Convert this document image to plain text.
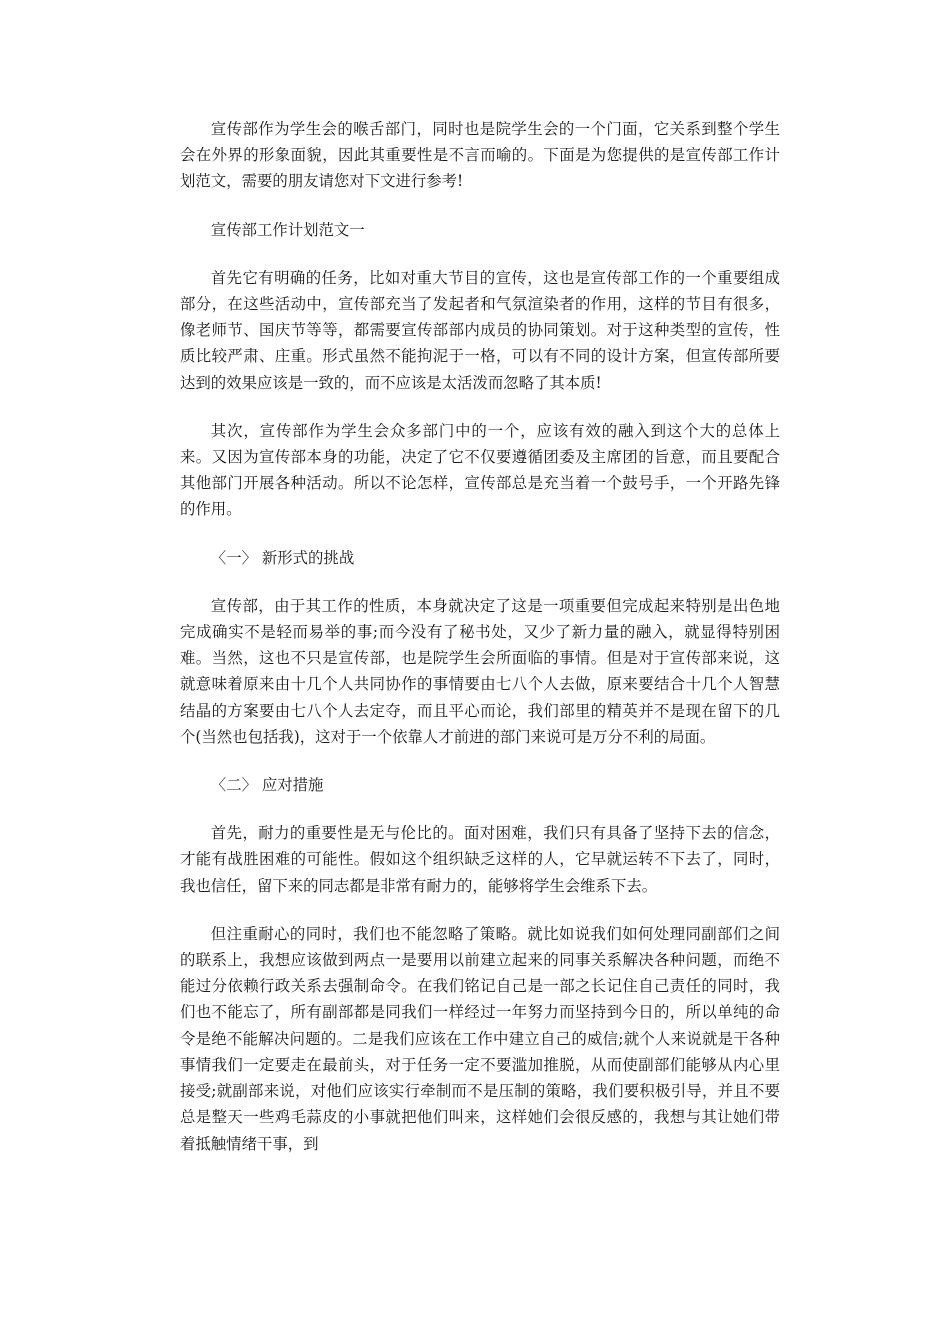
宣传部作为学生会的喉舌部门，同时也是院学生会的一个门面，它关系到整个学生会在外界的形象面貌，因此其重要性是不言而喻的。下面是为您提供的是宣传部工作计划范文，需要的朋友请您对下文进行参考!

宣传部工作计划范文一

首先它有明确的任务，比如对重大节目的宣传，这也是宣传部工作的一个重要组成部分，在这些活动中，宣传部充当了发起者和气氛渲染者的作用，这样的节目有很多，像老师节、国庆节等等，都需要宣传部部内成员的协同策划。对于这种类型的宣传，性质比较严肃、庄重。形式虽然不能拘泥于一格，可以有不同的设计方案，但宣传部所要达到的效果应该是一致的，而不应该是太活泼而忽略了其本质!

其次，宣传部作为学生会众多部门中的一个，应该有效的融入到这个大的总体上来。又因为宣传部本身的功能，决定了它不仅要遵循团委及主席团的旨意，而且要配合其他部门开展各种活动。所以不论怎样，宣传部总是充当着一个鼓号手，一个开路先锋的作用。

〈一〉 新形式的挑战

宣传部，由于其工作的性质，本身就决定了这是一项重要但完成起来特别是出色地完成确实不是轻而易举的事;而今没有了秘书处，又少了新力量的融入，就显得特别困难。当然，这也不只是宣传部，也是院学生会所面临的事情。但是对于宣传部来说，这就意味着原来由十几个人共同协作的事情要由七八个人去做，原来要结合十几个人智慧结晶的方案要由七八个人去定夺，而且平心而论，我们部里的精英并不是现在留下的几个(当然也包括我)，这对于一个依靠人才前进的部门来说可是万分不利的局面。

〈二〉 应对措施

首先，耐力的重要性是无与伦比的。面对困难，我们只有具备了坚持下去的信念，才能有战胜困难的可能性。假如这个组织缺乏这样的人，它早就运转不下去了，同时，我也信任，留下来的同志都是非常有耐力的，能够将学生会维系下去。

但注重耐心的同时，我们也不能忽略了策略。就比如说我们如何处理同副部们之间的联系上，我想应该做到两点一是要用以前建立起来的同事关系解决各种问题，而绝不能过分依赖行政关系去强制命令。在我们铭记自己是一部之长记住自己责任的同时，我们也不能忘了，所有副部都是同我们一样经过一年努力而坚持到今日的，所以单纯的命令是绝不能解决问题的。二是我们应该在工作中建立自己的威信;就个人来说就是干各种事情我们一定要走在最前头，对于任务一定不要滥加推脱，从而使副部们能够从内心里接受;就副部来说，对他们应该实行牵制而不是压制的策略，我们要积极引导，并且不要总是整天一些鸡毛蒜皮的小事就把他们叫来，这样她们会很反感的，我想与其让她们带着抵触情绪干事，到
